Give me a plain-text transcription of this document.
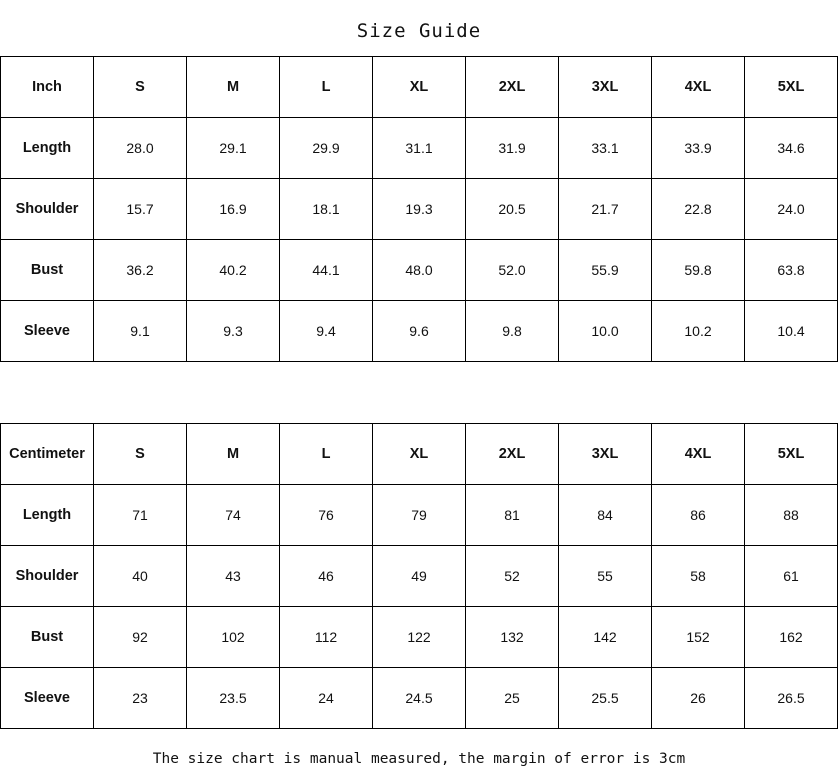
Size Guide
Inch	S	M	L	XL	2XL	3XL	4XL	5XL
Length	28.0	29.1	29.9	31.1	31.9	33.1	33.9	34.6
Shoulder	15.7	16.9	18.1	19.3	20.5	21.7	22.8	24.0
Bust	36.2	40.2	44.1	48.0	52.0	55.9	59.8	63.8
Sleeve	9.1	9.3	9.4	9.6	9.8	10.0	10.2	10.4
Centimeter	S	M	L	XL	2XL	3XL	4XL	5XL
Length	71	74	76	79	81	84	86	88
Shoulder	40	43	46	49	52	55	58	61
Bust	92	102	112	122	132	142	152	162
Sleeve	23	23.5	24	24.5	25	25.5	26	26.5
The size chart is manual measured, the margin of error is 3cm
